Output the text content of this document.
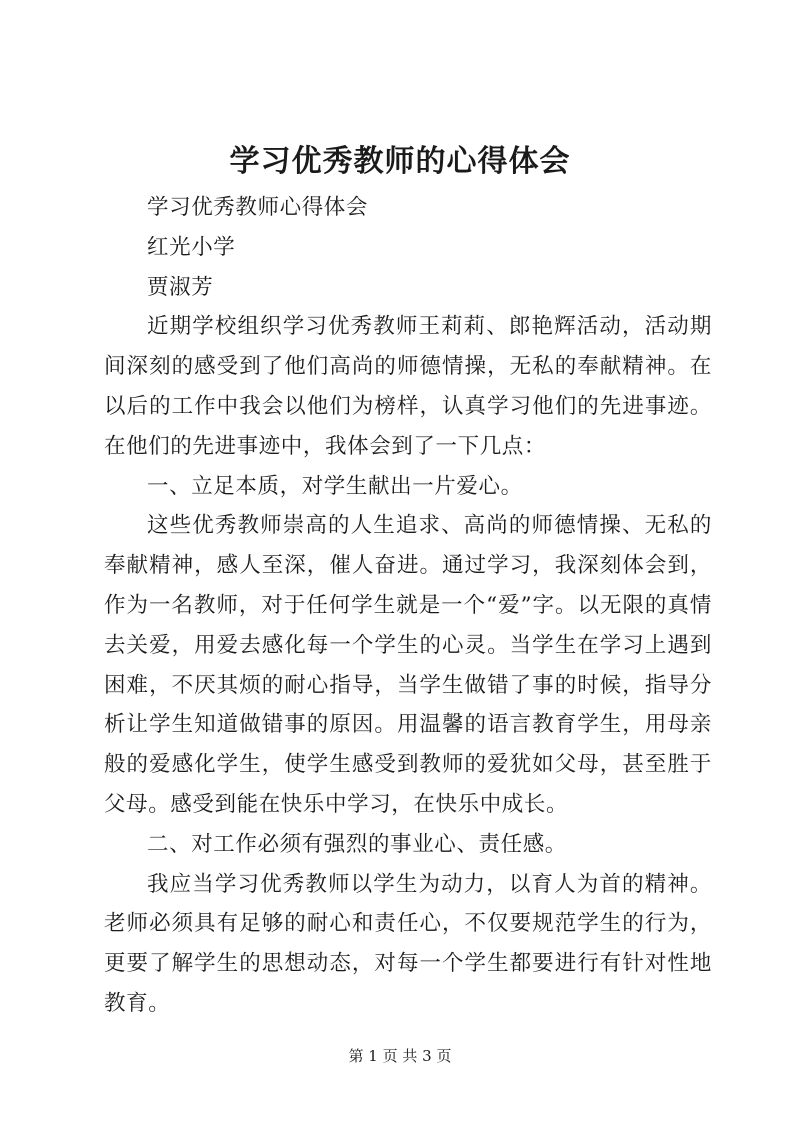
学习优秀教师的心得体会

学习优秀教师心得体会

红光小学

贾淑芳

近期学校组织学习优秀教师王莉莉、郎艳辉活动，活动期间深刻的感受到了他们高尚的师德情操，无私的奉献精神。在以后的工作中我会以他们为榜样，认真学习他们的先进事迹。在他们的先进事迹中，我体会到了一下几点：

一、立足本质，对学生献出一片爱心。

这些优秀教师崇高的人生追求、高尚的师德情操、无私的奉献精神，感人至深，催人奋进。通过学习，我深刻体会到，作为一名教师，对于任何学生就是一个“爱”字。以无限的真情去关爱，用爱去感化每一个学生的心灵。当学生在学习上遇到困难，不厌其烦的耐心指导，当学生做错了事的时候，指导分析让学生知道做错事的原因。用温馨的语言教育学生，用母亲般的爱感化学生，使学生感受到教师的爱犹如父母，甚至胜于父母。感受到能在快乐中学习，在快乐中成长。

二、对工作必须有强烈的事业心、责任感。

我应当学习优秀教师以学生为动力，以育人为首的精神。老师必须具有足够的耐心和责任心，不仅要规范学生的行为，更要了解学生的思想动态，对每一个学生都要进行有针对性地教育。

第 1 页 共 3 页
